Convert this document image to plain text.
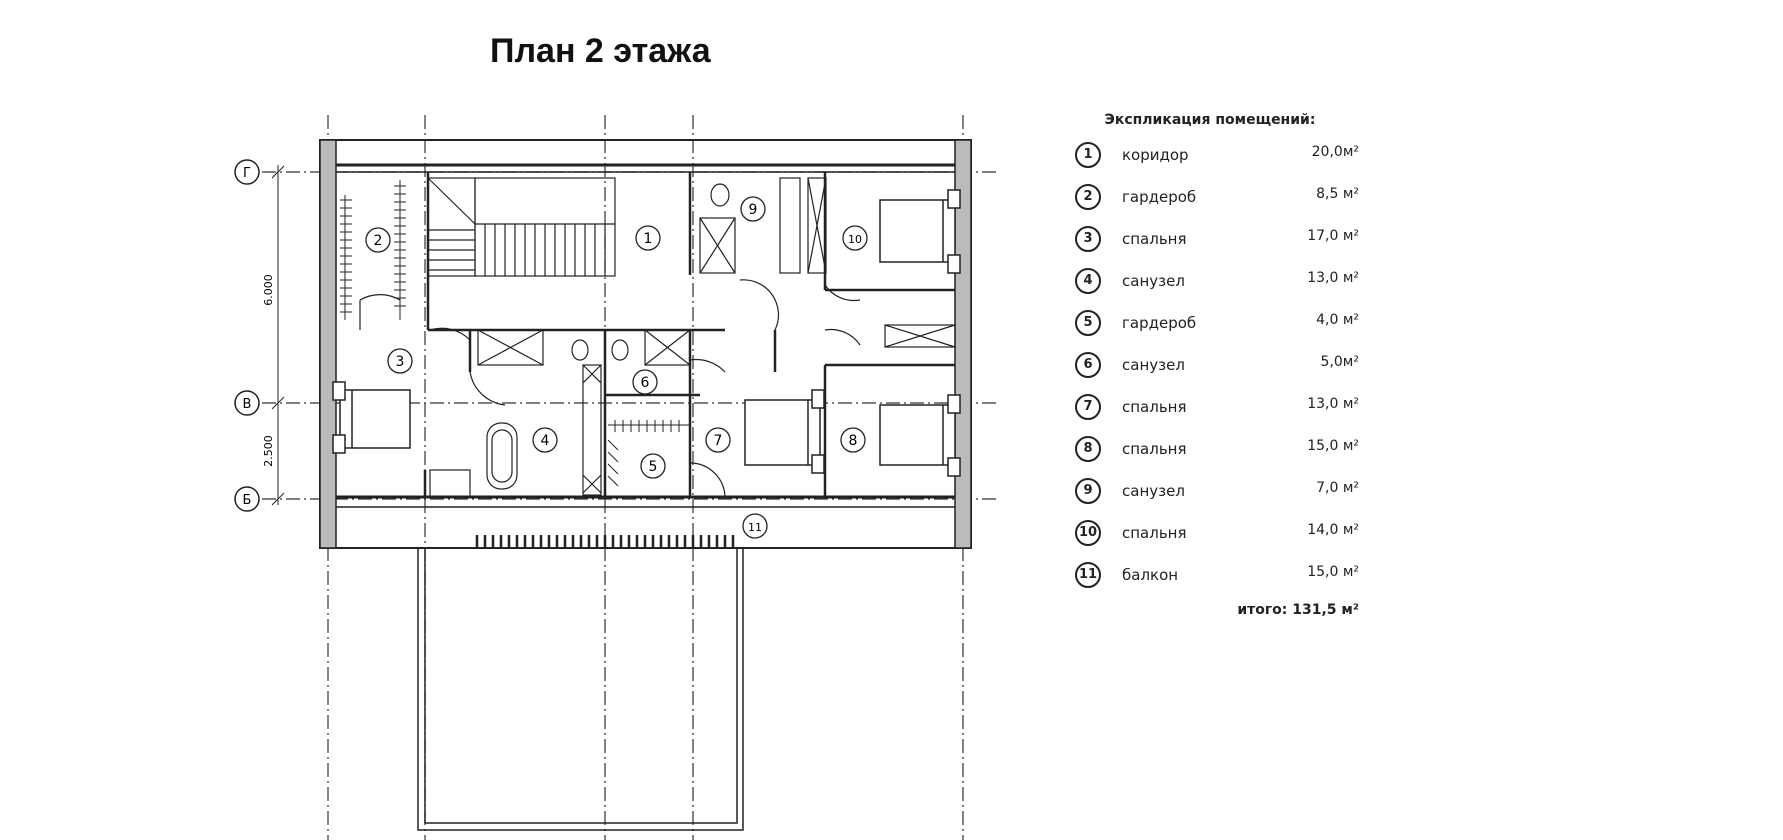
План 2 этажа
Г
В
Б
6.000
2.500
1
2
3
4
5
6
7	8
9
10
11
Экспликация помещений:
1	коридор	20,0м²
2	гардероб	8,5 м²
3	спальня	17,0 м²
4	санузел	13,0 м²
5	гардероб	4,0 м²
6	санузел	5,0м²
7	спальня	13,0 м²
8	спальня	15,0 м²
9	санузел	7,0 м²
10 спальня	14,0 м²
11 балкон	15,0 м²
итого: 131,5 м²
